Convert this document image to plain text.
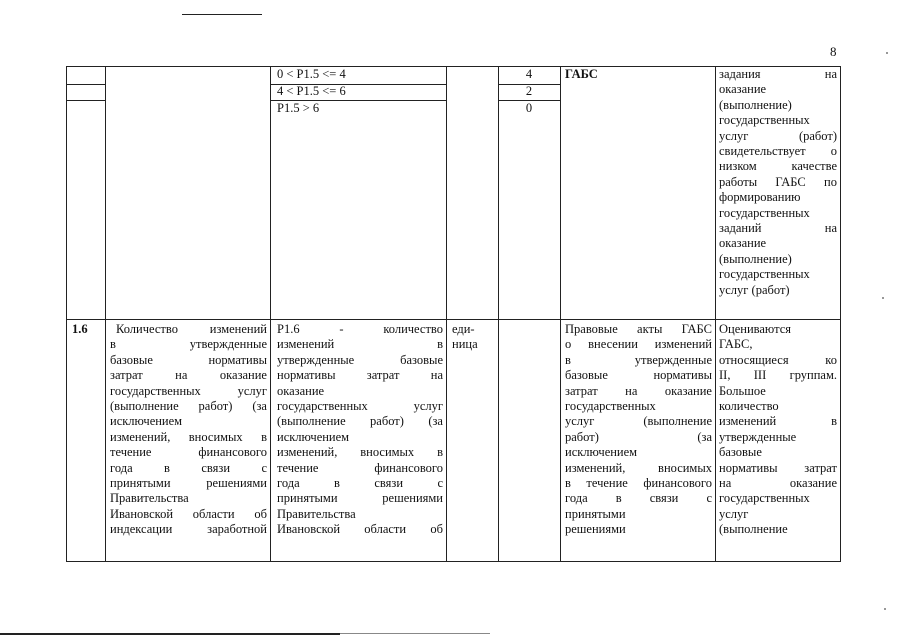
8
0 < P1.5 <= 4
4 < P1.5 <= 6
P1.5 > 6
4
2
0
ГАБС	задания на
оказание
(выполнение)
государственных
услуг (работ)
свидетельствует о
низком качестве
работы ГАБС по
формированию
государственных
заданий на
оказание
(выполнение)
государственных
услуг (работ)
1.6	Количество изменений
в утвержденные
базовые нормативы
затрат на оказание
государственных услуг
(выполнение работ) (за
исключением
изменений, вносимых в
течение финансового
года в связи с
принятыми решениями
Правительства
Ивановской области об
индексации заработной
P1.6 - количество
изменений в
утвержденные базовые
нормативы затрат на
оказание
государственных услуг
(выполнение работ) (за
исключением
изменений, вносимых в
течение финансового
года в связи с
принятыми решениями
Правительства
Ивановской области об
еди-
ница
Правовые акты ГАБС
о внесении изменений
в утвержденные
базовые нормативы
затрат на оказание
государственных
услуг (выполнение
работ) (за
исключением
изменений, вносимых
в течение финансового
года в связи с
принятыми
решениями
Оцениваются
ГАБС,
относящиеся ко
II, III группам.
Большое
количество
изменений в
утвержденные
базовые
нормативы затрат
на оказание
государственных
услуг
(выполнение
